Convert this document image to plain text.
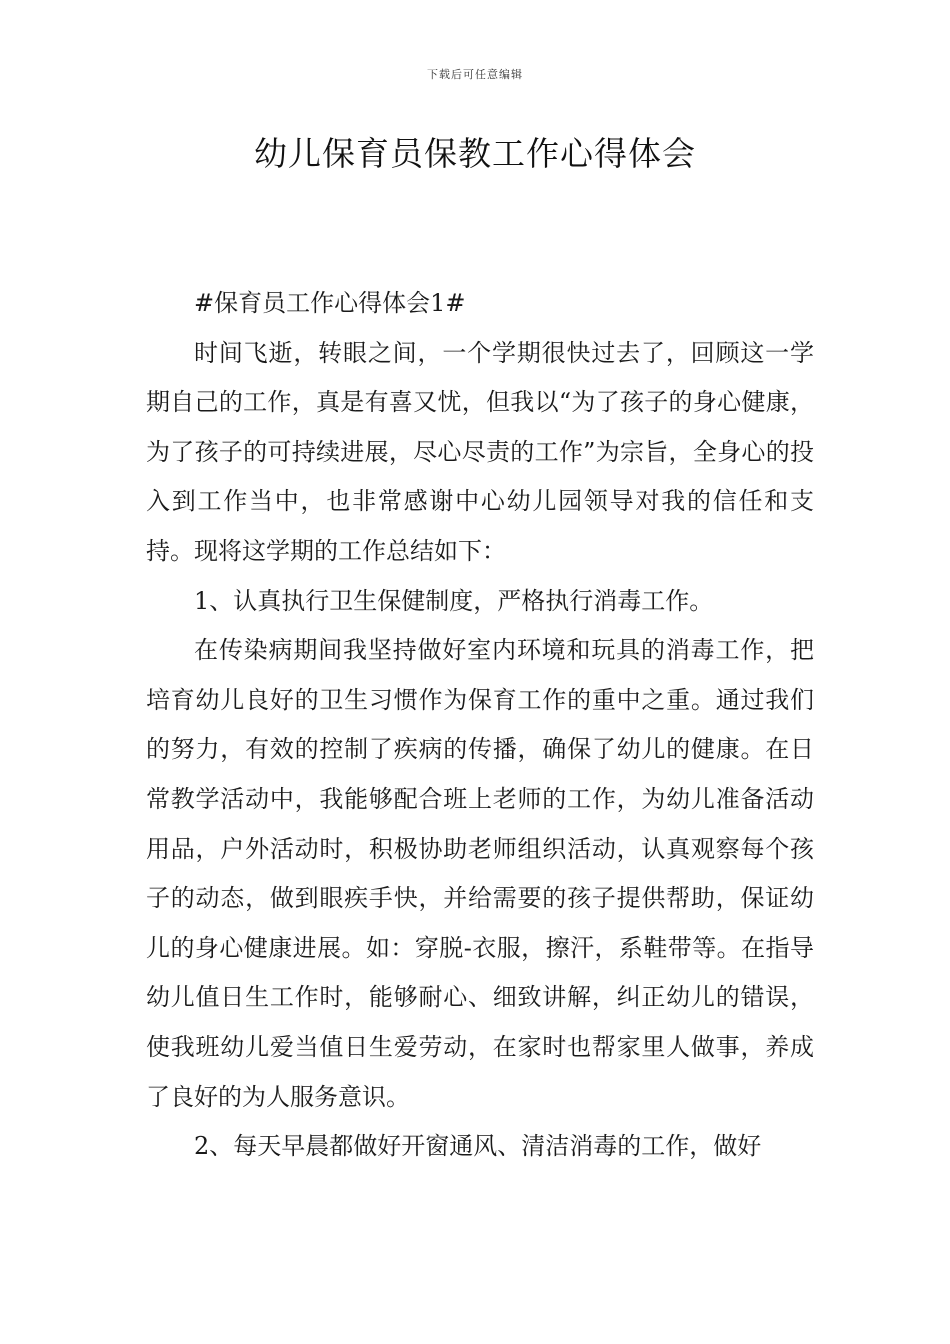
下载后可任意编辑
幼儿保育员保教工作心得体会

#保育员工作心得体会1#

时间飞逝，转眼之间，一个学期很快过去了，回顾这一学期自己的工作，真是有喜又忧，但我以“为了孩子的身心健康，为了孩子的可持续进展，尽心尽责的工作”为宗旨，全身心的投入到工作当中，也非常感谢中心幼儿园领导对我的信任和支持。现将这学期的工作总结如下：

1、认真执行卫生保健制度，严格执行消毒工作。

在传染病期间我坚持做好室内环境和玩具的消毒工作，把培育幼儿良好的卫生习惯作为保育工作的重中之重。通过我们的努力，有效的控制了疾病的传播，确保了幼儿的健康。在日常教学活动中，我能够配合班上老师的工作，为幼儿准备活动用品，户外活动时，积极协助老师组织活动，认真观察每个孩子的动态，做到眼疾手快，并给需要的孩子提供帮助，保证幼儿的身心健康进展。如：穿脱-衣服，擦汗，系鞋带等。在指导幼儿值日生工作时，能够耐心、细致讲解，纠正幼儿的错误，使我班幼儿爱当值日生爱劳动，在家时也帮家里人做事，养成了良好的为人服务意识。

2、每天早晨都做好开窗通风、清洁消毒的工作，做好
